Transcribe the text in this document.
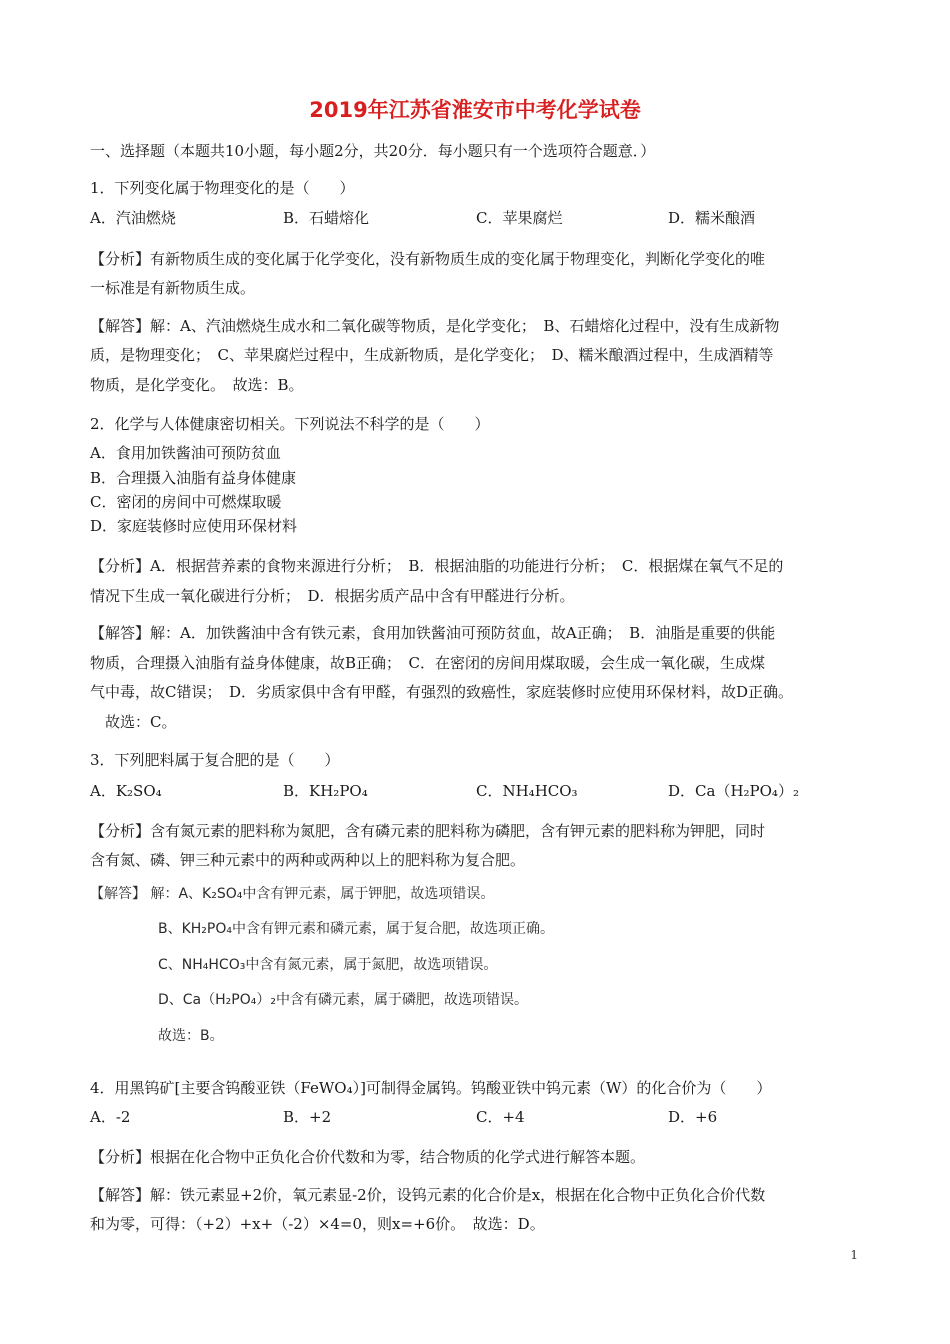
2019年江苏省淮安市中考化学试卷
一、选择题（本题共10小题，每小题2分，共20分．每小题只有一个选项符合题意．）
1．下列变化属于物理变化的是（　　）
A．汽油燃烧	B．石蜡熔化	C．苹果腐烂	D．糯米酿酒
【分析】有新物质生成的变化属于化学变化，没有新物质生成的变化属于物理变化，判断化学变化的唯
一标准是有新物质生成。
【解答】解：A、汽油燃烧生成水和二氧化碳等物质，是化学变化；　B、石蜡熔化过程中，没有生成新物
质，是物理变化；　C、苹果腐烂过程中，生成新物质，是化学变化；　D、糯米酿酒过程中，生成酒精等
物质，是化学变化。　故选：B。
2．化学与人体健康密切相关。下列说法不科学的是（　　）
A．食用加铁酱油可预防贫血
B．合理摄入油脂有益身体健康
C．密闭的房间中可燃煤取暖
D．家庭装修时应使用环保材料
【分析】A．根据营养素的食物来源进行分析；　B．根据油脂的功能进行分析；　C．根据煤在氧气不足的
情况下生成一氧化碳进行分析；　D．根据劣质产品中含有甲醛进行分析。
【解答】解：A．加铁酱油中含有铁元素，食用加铁酱油可预防贫血，故A正确；　B．油脂是重要的供能
物质，合理摄入油脂有益身体健康，故B正确；　C．在密闭的房间用煤取暖，会生成一氧化碳，生成煤
气中毒，故C错误；　D．劣质家俱中含有甲醛，有强烈的致癌性，家庭装修时应使用环保材料，故D正确。
　故选：C。
3．下列肥料属于复合肥的是（　　）
A．K₂SO₄	B．KH₂PO₄	C．NH₄HCO₃	D．Ca（H₂PO₄）₂
【分析】含有氮元素的肥料称为氮肥，含有磷元素的肥料称为磷肥，含有钾元素的肥料称为钾肥，同时
含有氮、磷、钾三种元素中的两种或两种以上的肥料称为复合肥。
【解答】 解：A、K₂SO₄中含有钾元素，属于钾肥，故选项错误。
B、KH₂PO₄中含有钾元素和磷元素，属于复合肥，故选项正确。
C、NH₄HCO₃中含有氮元素，属于氮肥，故选项错误。
D、Ca（H₂PO₄）₂中含有磷元素，属于磷肥，故选项错误。
故选：B。
4．用黑钨矿[主要含钨酸亚铁（FeWO₄）]可制得金属钨。钨酸亚铁中钨元素（W）的化合价为（　　）
A．-2	B．+2	C．+4	D．+6
【分析】根据在化合物中正负化合价代数和为零，结合物质的化学式进行解答本题。
【解答】解：铁元素显+2价，氧元素显-2价，设钨元素的化合价是x，根据在化合物中正负化合价代数
和为零，可得：（+2）+x+（-2）×4=0，则x=+6价。　故选：D。
1
